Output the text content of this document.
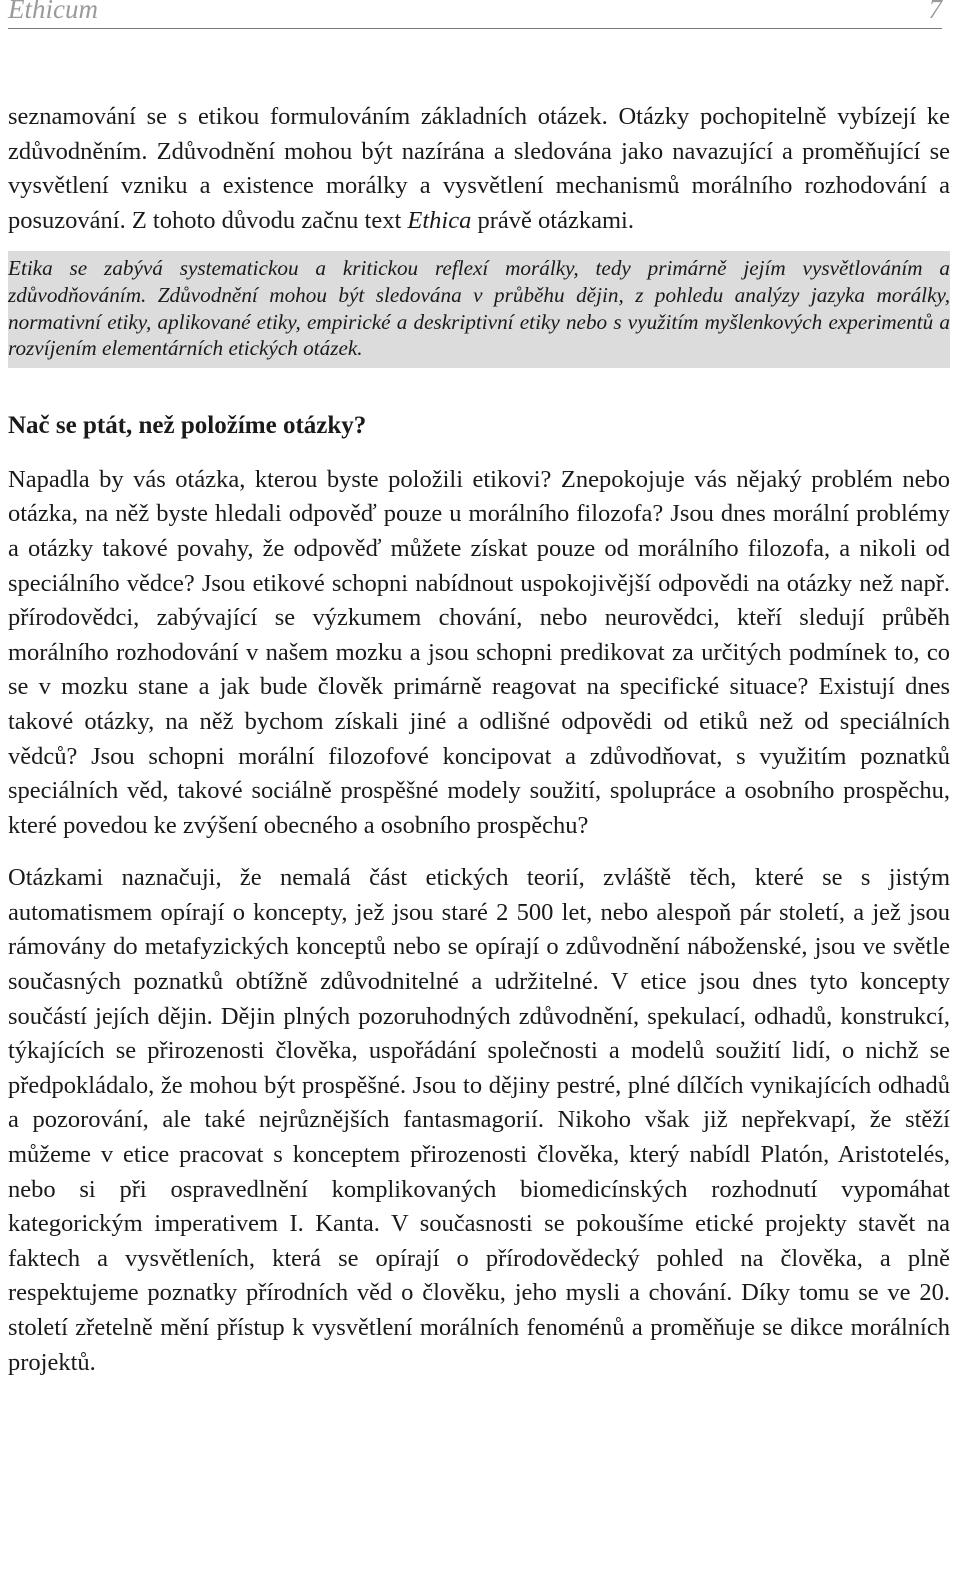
Ethicum	7

seznamování se s etikou formulováním základních otázek. Otázky pochopitelně vybízejí ke zdůvodněním. Zdůvodnění mohou být nazírána a sledována jako navazující a proměňující se vysvětlení vzniku a existence morálky a vysvětlení mechanismů morálního rozhodování a posuzování. Z tohoto důvodu začnu text Ethica právě otázkami.

Etika se zabývá systematickou a kritickou reflexí morálky, tedy primárně jejím vysvětlováním a zdůvodňováním. Zdůvodnění mohou být sledována v průběhu dějin, z pohledu analýzy jazyka morálky, normativní etiky, aplikované etiky, empirické a deskriptivní etiky nebo s využitím myšlenkových experimentů a rozvíjením elementárních etických otázek.

Nač se ptát, než položíme otázky?

Napadla by vás otázka, kterou byste položili etikovi? Znepokojuje vás nějaký problém nebo otázka, na něž byste hledali odpověď pouze u morálního filozofa? Jsou dnes morální problémy a otázky takové povahy, že odpověď můžete získat pouze od morálního filozofa, a nikoli od speciálního vědce? Jsou etikové schopni nabídnout uspokojivější odpovědi na otázky než např. přírodovědci, zabývající se výzkumem chování, nebo neurovědci, kteří sledují průběh morálního rozhodování v našem mozku a jsou schopni predikovat za určitých podmínek to, co se v mozku stane a jak bude člověk primárně reagovat na specifické situace? Existují dnes takové otázky, na něž bychom získali jiné a odlišné odpovědi od etiků než od speciálních vědců? Jsou schopni morální filozofové koncipovat a zdůvodňovat, s využitím poznatků speciálních věd, takové sociálně prospěšné modely soužití, spolupráce a osobního prospěchu, které povedou ke zvýšení obecného a osobního prospěchu?

Otázkami naznačuji, že nemalá část etických teorií, zvláště těch, které se s jistým automatismem opírají o koncepty, jež jsou staré 2 500 let, nebo alespoň pár století, a jež jsou rámovány do metafyzických konceptů nebo se opírají o zdůvodnění náboženské, jsou ve světle současných poznatků obtížně zdůvodnitelné a udržitelné. V etice jsou dnes tyto koncepty součástí jejích dějin. Dějin plných pozoruhodných zdůvodnění, spekulací, odhadů, konstrukcí, týkajících se přirozenosti člověka, uspořádání společnosti a modelů soužití lidí, o nichž se předpokládalo, že mohou být prospěšné. Jsou to dějiny pestré, plné dílčích vynikajících odhadů a pozorování, ale také nejrůznějších fantasmagorií. Nikoho však již nepřekvapí, že stěží můžeme v etice pracovat s konceptem přirozenosti člověka, který nabídl Platón, Aristotelés, nebo si při ospravedlnění komplikovaných biomedicínských rozhodnutí vypomáhat kategorickým imperativem I. Kanta. V současnosti se pokoušíme etické projekty stavět na faktech a vysvětleních, která se opírají o přírodovědecký pohled na člověka, a plně respektujeme poznatky přírodních věd o člověku, jeho mysli a chování. Díky tomu se ve 20. století zřetelně mění přístup k vysvětlení morálních fenoménů a proměňuje se dikce morálních projektů.
